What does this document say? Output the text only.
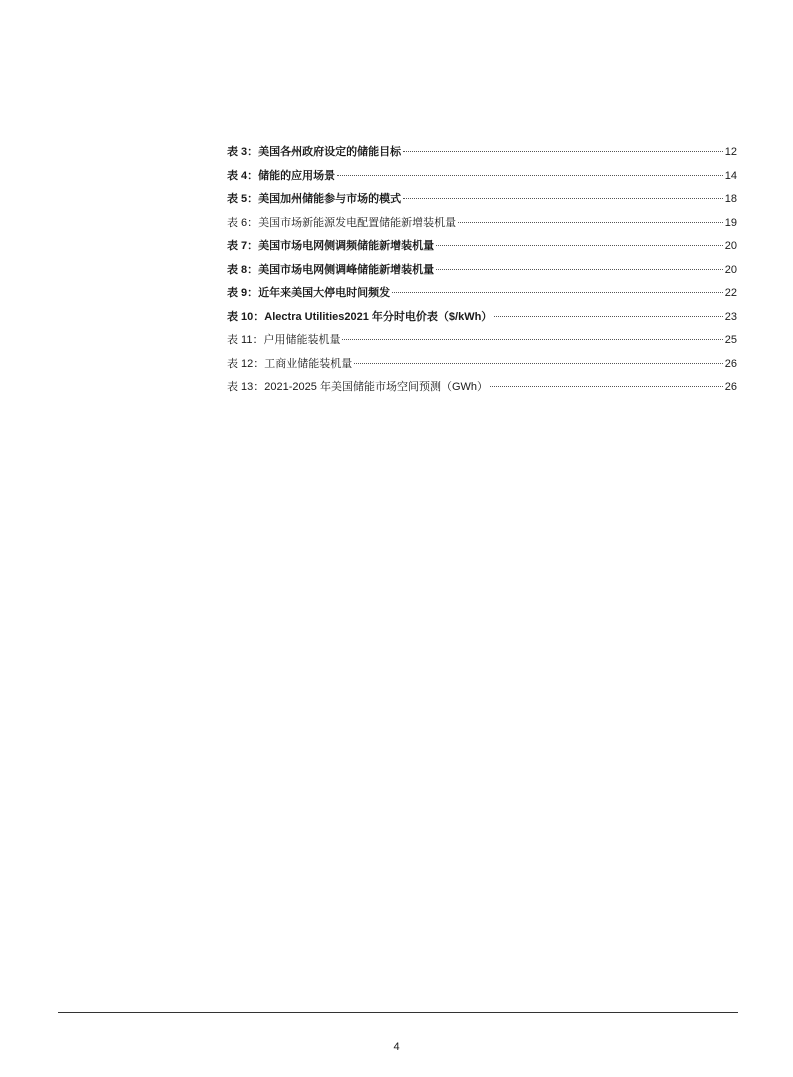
表 3：美国各州政府设定的储能目标	12
表 4：储能的应用场景	14
表 5：美国加州储能参与市场的模式	18
表 6：美国市场新能源发电配置储能新增装机量	19
表 7：美国市场电网侧调频储能新增装机量	20
表 8：美国市场电网侧调峰储能新增装机量	20
表 9：近年来美国大停电时间频发	22
表 10：Alectra Utilities2021 年分时电价表（$/kWh）	23
表 11：户用储能装机量	25
表 12：工商业储能装机量	26
表 13：2021-2025 年美国储能市场空间预测（GWh）	26
4
